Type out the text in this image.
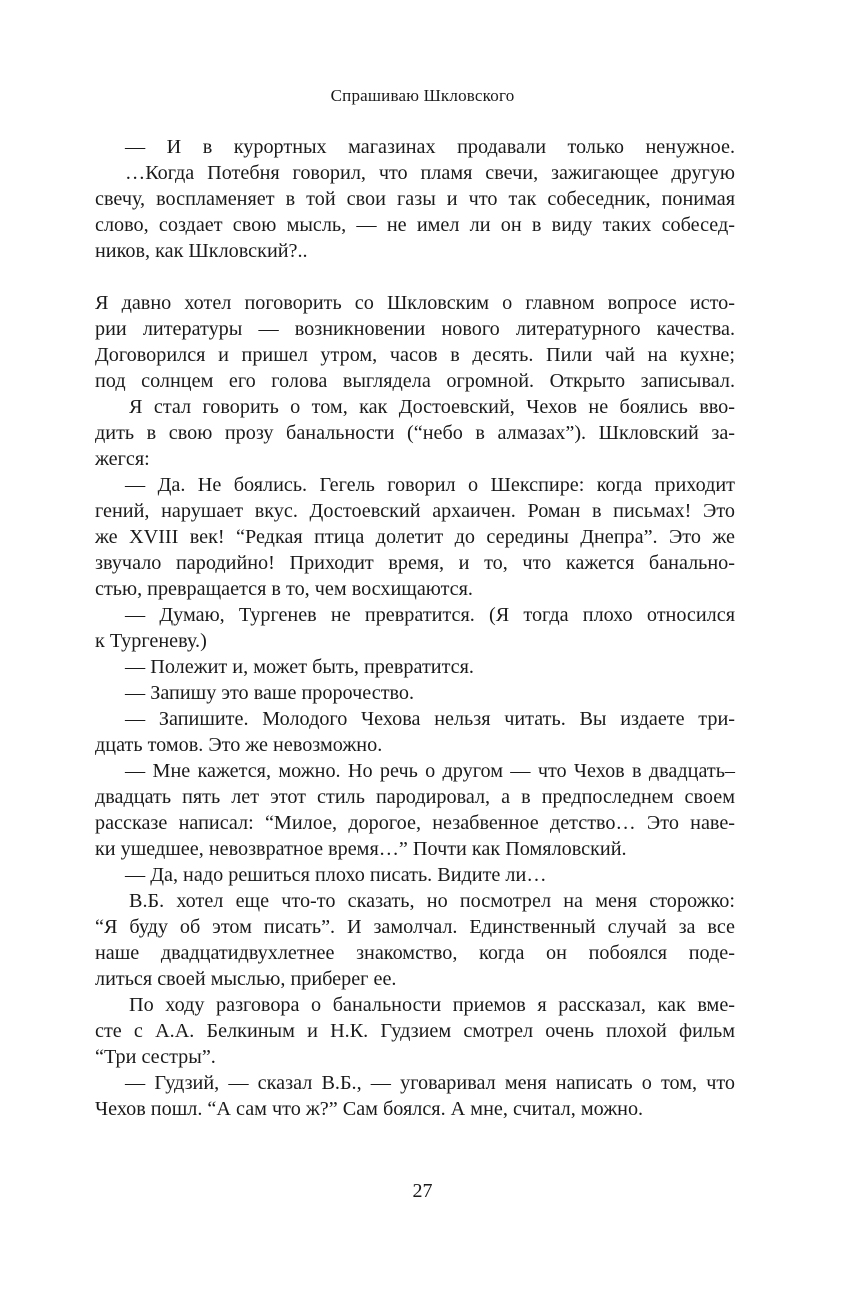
Спрашиваю Шкловского
— И в курортных магазинах продавали только ненужное.
…Когда Потебня говорил, что пламя свечи, зажигающее другую
свечу, воспламеняет в той свои газы и что так собеседник, понимая
слово, создает свою мысль, — не имел ли он в виду таких собесед-
ников, как Шкловский?..
Я давно хотел поговорить со Шкловским о главном вопросе исто-
рии литературы — возникновении нового литературного качества.
Договорился и пришел утром, часов в десять. Пили чай на кухне;
под солнцем его голова выглядела огромной. Открыто записывал.
Я стал говорить о том, как Достоевский, Чехов не боялись вво-
дить в свою прозу банальности (“небо в алмазах”). Шкловский за-
жегся:
— Да. Не боялись. Гегель говорил о Шекспире: когда приходит
гений, нарушает вкус. Достоевский архаичен. Роман в письмах! Это
же XVIII век! “Редкая птица долетит до середины Днепра”. Это же
звучало пародийно! Приходит время, и то, что кажется банально-
стью, превращается в то, чем восхищаются.
— Думаю, Тургенев не превратится. (Я тогда плохо относился
к Тургеневу.)
— Полежит и, может быть, превратится.
— Запишу это ваше пророчество.
— Запишите. Молодого Чехова нельзя читать. Вы издаете три-
дцать томов. Это же невозможно.
— Мне кажется, можно. Но речь о другом — что Чехов в двадцать–
двадцать пять лет этот стиль пародировал, а в предпоследнем своем
рассказе написал: “Милое, дорогое, незабвенное детство… Это наве-
ки ушедшее, невозвратное время…” Почти как Помяловский.
— Да, надо решиться плохо писать. Видите ли…
В.Б. хотел еще что-то сказать, но посмотрел на меня сторожко:
“Я буду об этом писать”. И замолчал. Единственный случай за все
наше двадцатидвухлетнее знакомство, когда он побоялся поде-
литься своей мыслью, приберег ее.
По ходу разговора о банальности приемов я рассказал, как вме-
сте с А.А. Белкиным и Н.К. Гудзием смотрел очень плохой фильм
“Три сестры”.
— Гудзий, — сказал В.Б., — уговаривал меня написать о том, что
Чехов пошл. “А сам что ж?” Сам боялся. А мне, считал, можно.
27
